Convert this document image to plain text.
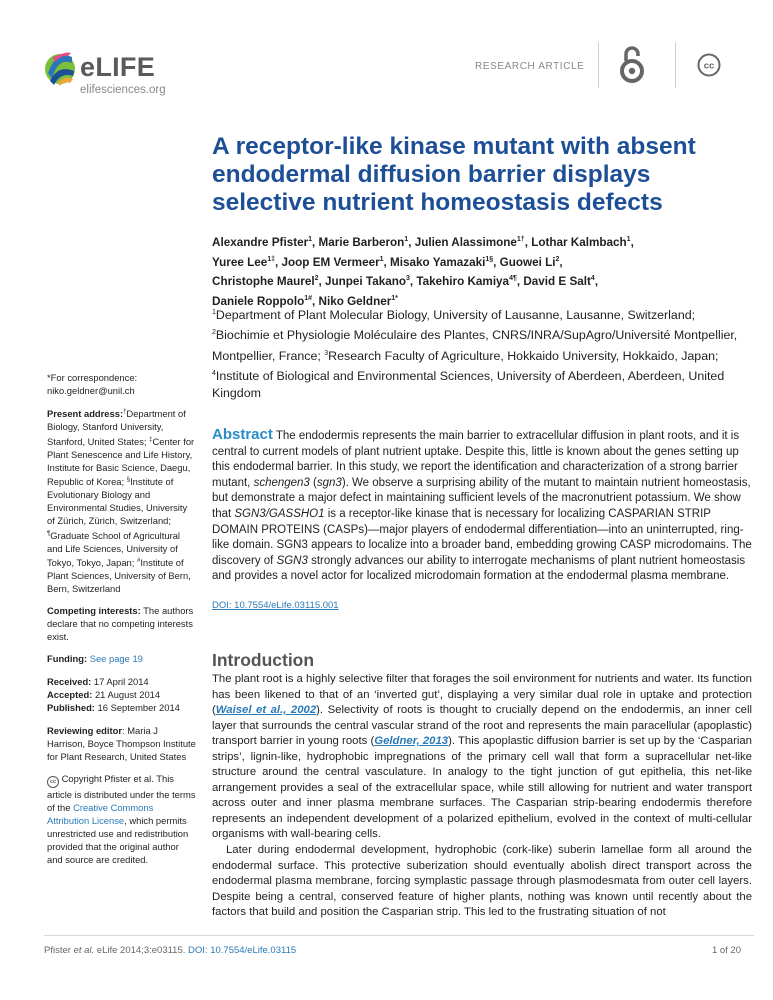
eLIFE
elifesciences.org
RESEARCH ARTICLE	cc
A receptor-like kinase mutant with absent endodermal diffusion barrier displays selective nutrient homeostasis defects
Alexandre Pfister$^1$, Marie Barberon$^1$, Julien Alassimone$^{1\dagger}$, Lothar Kalmbach$^1$,
Yuree Lee$^{1\ddagger}$, Joop EM Vermeer$^1$, Misako Yamazaki$^{1\S}$, Guowei Li$^2$,
Christophe Maurel$^2$, Junpei Takano$^3$, Takehiro Kamiya$^{4\P}$, David E Salt$^4$,
Daniele Roppolo$^{1\#}$, Niko Geldner$^{1*}$
$^1$Department of Plant Molecular Biology, University of Lausanne, Lausanne, Switzerland; $^2$Biochimie et Physiologie Moléculaire des Plantes, CNRS/INRA/SupAgro/Université Montpellier, Montpellier, France; $^3$Research Faculty of Agriculture, Hokkaido University, Hokkaido, Japan; $^4$Institute of Biological and Environmental Sciences, University of Aberdeen, Aberdeen, United Kingdom

*For correspondence: niko.geldner@unil.ch

Present address:†Department of Biology, Stanford University, Stanford, United States; ‡Center for Plant Senescence and Life History, Institute for Basic Science, Daegu, Republic of Korea; §Institute of Evolutionary Biology and Environmental Studies, University of Zürich, Zürich, Switzerland; ¶Graduate School of Agricultural and Life Sciences, University of Tokyo, Tokyo, Japan; #Institute of Plant Sciences, University of Bern, Bern, Switzerland

Competing interests: The authors declare that no competing interests exist.

Funding: See page 19

Received: 17 April 2014
Accepted: 21 August 2014
Published: 16 September 2014

Reviewing editor: Maria J Harrison, Boyce Thompson Institute for Plant Research, United States

cc Copyright Pfister et al. This article is distributed under the terms of the Creative Commons Attribution License, which permits unrestricted use and redistribution provided that the original author and source are credited.

Abstract The endodermis represents the main barrier to extracellular diffusion in plant roots, and it is central to current models of plant nutrient uptake. Despite this, little is known about the genes setting up this endodermal barrier. In this study, we report the identification and characterization of a strong barrier mutant, schengen3 (sgn3). We observe a surprising ability of the mutant to maintain nutrient homeostasis, but demonstrate a major defect in maintaining sufficient levels of the macronutrient potassium. We show that SGN3/GASSHO1 is a receptor-like kinase that is necessary for localizing CASPARIAN STRIP DOMAIN PROTEINS (CASPs)—major players of endodermal differentiation—into an uninterrupted, ring-like domain. SGN3 appears to localize into a broader band, embedding growing CASP microdomains. The discovery of SGN3 strongly advances our ability to interrogate mechanisms of plant nutrient homeostasis and provides a novel actor for localized microdomain formation at the endodermal plasma membrane.
DOI: 10.7554/eLife.03115.001
Introduction

The plant root is a highly selective filter that forages the soil environment for nutrients and water. Its function has been likened to that of an ‘inverted gut’, displaying a very similar dual role in uptake and protection (Waisel et al., 2002). Selectivity of roots is thought to crucially depend on the endodermis, an inner cell layer that surrounds the central vascular strand of the root and represents the main paracellular (apoplastic) transport barrier in young roots (Geldner, 2013). This apoplastic diffusion barrier is set up by the ‘Casparian strips’, lignin-like, hydrophobic impregnations of the primary cell wall that form a supracellular net-like structure around the central vasculature. In analogy to the tight junction of gut epithelia, this net-like arrangement provides a seal of the extracellular space, while still allowing for nutrient and water transport across outer and inner plasma membrane surfaces. The Casparian strip-bearing endodermis therefore represents an independent development of a polarized epithelium, evolved in the context of multi-cellular organisms with wall-bearing cells.

Later during endodermal development, hydrophobic (cork-like) suberin lamellae form all around the endodermal surface. This protective suberization should eventually abolish direct transport across the endodermal plasma membrane, forcing symplastic passage through plasmodesmata from outer cell layers. Despite being a central, conserved feature of higher plants, nothing was known until recently about the factors that build and position the Casparian strip. This led to the frustrating situation of not

Pfister et al. eLife 2014;3:e03115. DOI: 10.7554/eLife.03115	1 of 20
